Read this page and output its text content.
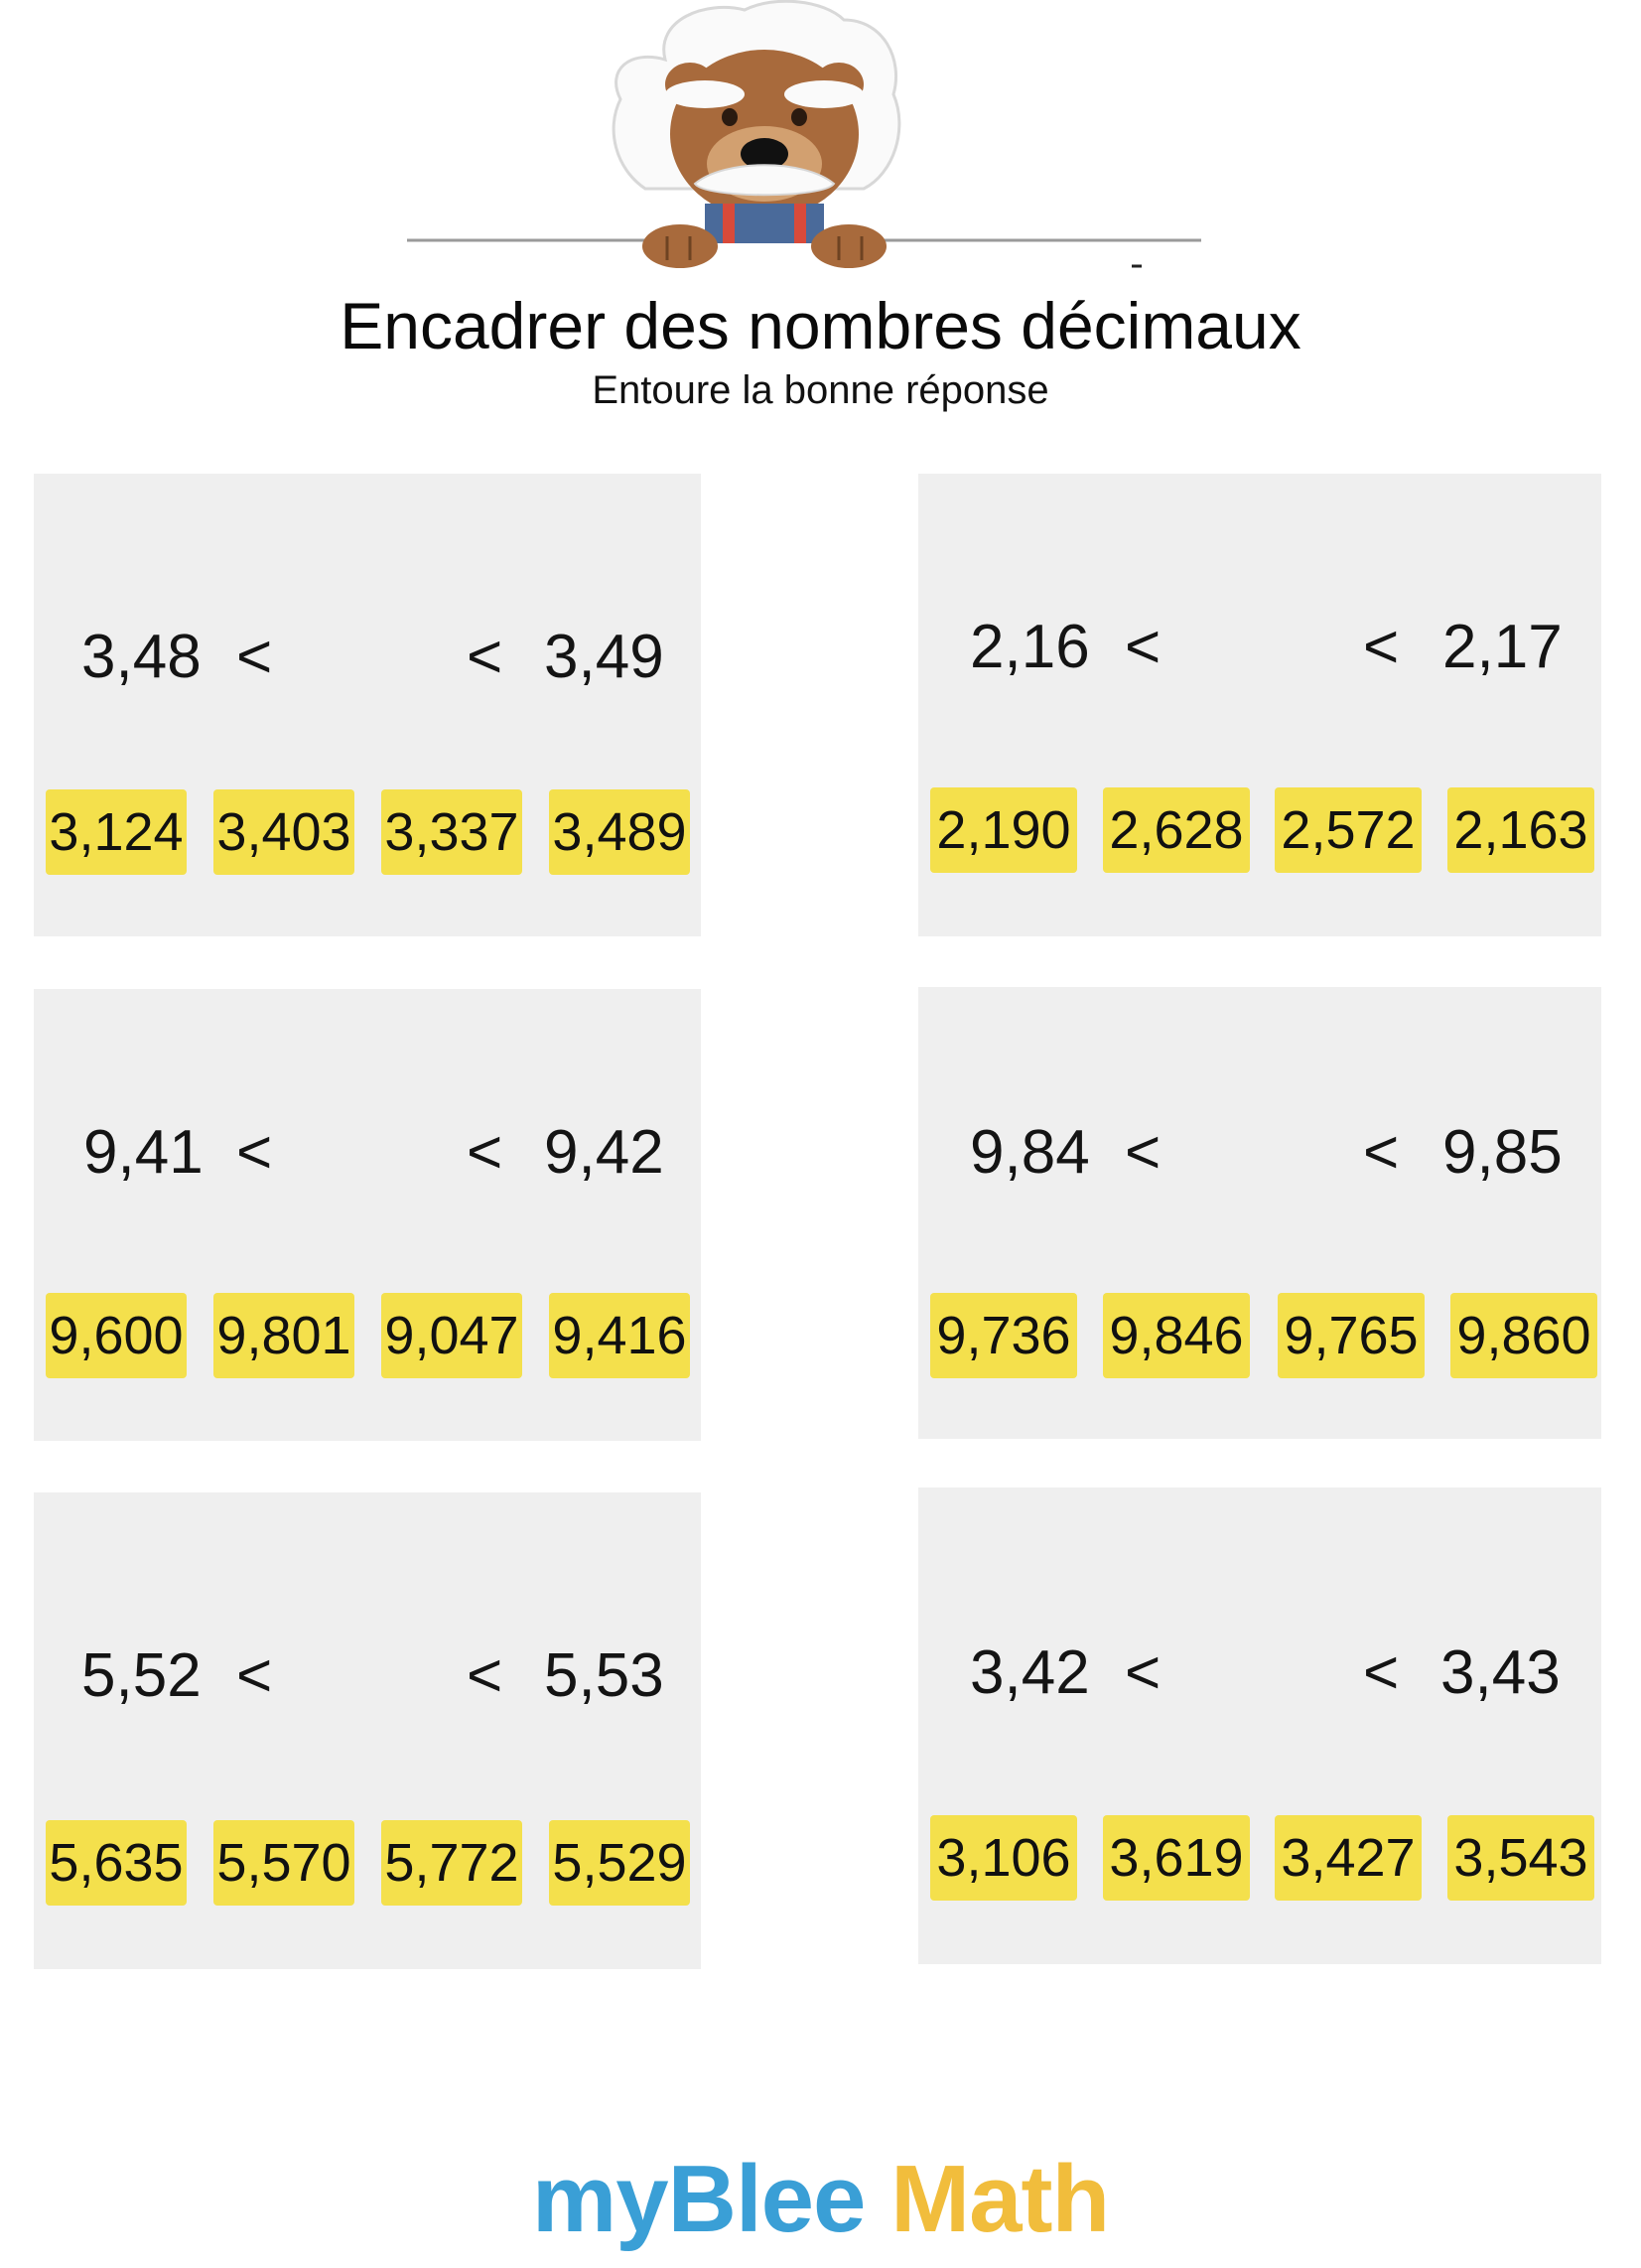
Encadrer des nombres décimaux
Entoure la bonne réponse
3,48 <	< 3,49
3,124 3,403 3,337 3,489
2,16 <	< 2,17
2,190 2,628 2,572 2,163
9,41 <	< 9,42
9,600 9,801 9,047 9,416
9,84 <	< 9,85
9,736 9,846 9,765 9,860
5,52 <	< 5,53
5,635 5,570 5,772 5,529
3,42 <	< 3,43
3,106 3,619 3,427 3,543
myBlee Math
